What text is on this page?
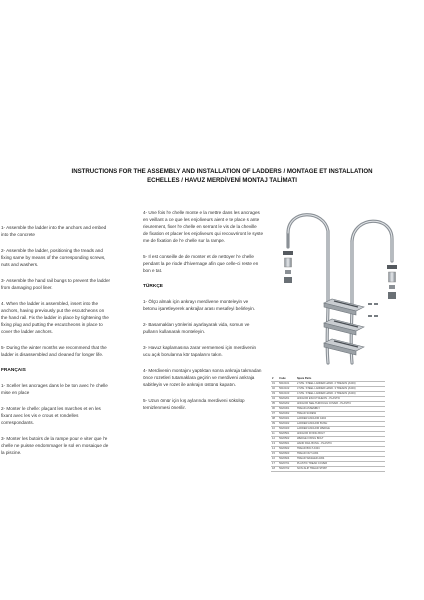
INSTRUCTIONS FOR THE ASSEMBLY AND INSTALLATION OF LADDERS / MONTAGE ET INSTALLATION ECHELLES / HAVUZ MERDİVENİ MONTAJ TALİMATI

1- Assemble the ladder into the anchors and embed into the concrete

2- Assemble the ladder, positioning the treads and fixing same by means of the corresponding screws, nuts and washers.

3- Assemble the hand rail bungs to prevent the ladder from damaging pool liner.

4. When the ladder is assembled, insert into the anchors, having previously put the escutcheons on the hand rail. Fix the ladder in place by tightening the fixing plug and putting the escutcheons in place to cover the ladder anchors.

5- During the winter months we recommend that the ladder is disassembled and cleaned for longer life.

FRANÇAIS

1- Sceller les ancrages dans le be ton avec l'e chelle mise en place

2- Monter le chelle: plaçant les marches et en les fixant avec les vis e crous et rondelles correspondants.

3- Monter les butoirs de la rampe pour e viter que l'e chelle ne puisse endommager le sol en mosaique de la piscine.

4- Une fois l'e chelle monte e la mettre dans les ancrages en veillant a ce que les enjoliveurs aient e te place s ante rieurement, fixer l'e chelle en serrant le vis de la cheville de fixation et placer les enjoliveurs qui recouvriront le syste me de fixation de l'e chelle sur la rampe.

5- Il est conseille de de monter et de nettoyer l'e chelle pendant la pe riode d'hivernage afin que celle-ci reste en bon e tat.

TÜRKÇE

1- Ölçü almak için ankrayı merdivene monteleyin ve betonu işaretleyerek ankrajlar arası mesafeyi belirleyin.

2- Basamakları yönlerini ayarlayarak vida, somun ve pulların kullanarak monteleyin.

3- Havuz kaplamasına zarar vermemesi için merdivenin ucu açık borularına kör tapalarını takın.

4- Merdivenin montajını yaptıktan sonra ankraja takmadan önce rozetleri tutamaklara geçirin ve merdiveni ankraja sabitleyin ve rozet ile ankrajın üstünü kapatın.

5- Uzun ömür için kış aylarında merdiveni sökülüp temizlenmesi önerilir.

#	Code	Spare Parts
01	5010101	2 STE. STEEL LADDER HAND. 2 TREADS (A304)
02	5010102	3 STE. STEEL LADDER HAND. 3 TREADS (A304)
03	5010103	4 STE. STEEL LADDER HAND. 4 TREADS (A304)
04	5020201	ANCHOR ESCUTCHEON - PLASTIC
05	5020202	ANCHOR SEE-THROUGH COVER - PLASTIC
06	5020301	TREAD ASSEMBLY
07	5020302	TREAD SCREW
08	5020401	LADDER ANCHOR A304
09	5020402	LADDER ANCHOR BUSH
10	5020403	LADDER ANCHOR WEDGE
11	5020501	ANCHOR FIXING BOLT
12	5020502	WEDGE FIXING BOLT
13	5020601	HAND RAIL BUNG - PLASTIC
14	5020602	TREAD BOLT A304
15	5020603	TREAD NUT A304
16	5020604	TREAD WASHER A304
17	5020701	PLASTIC TREAD COVER
18	5020702	NON-SLIP TREAD STRIP
